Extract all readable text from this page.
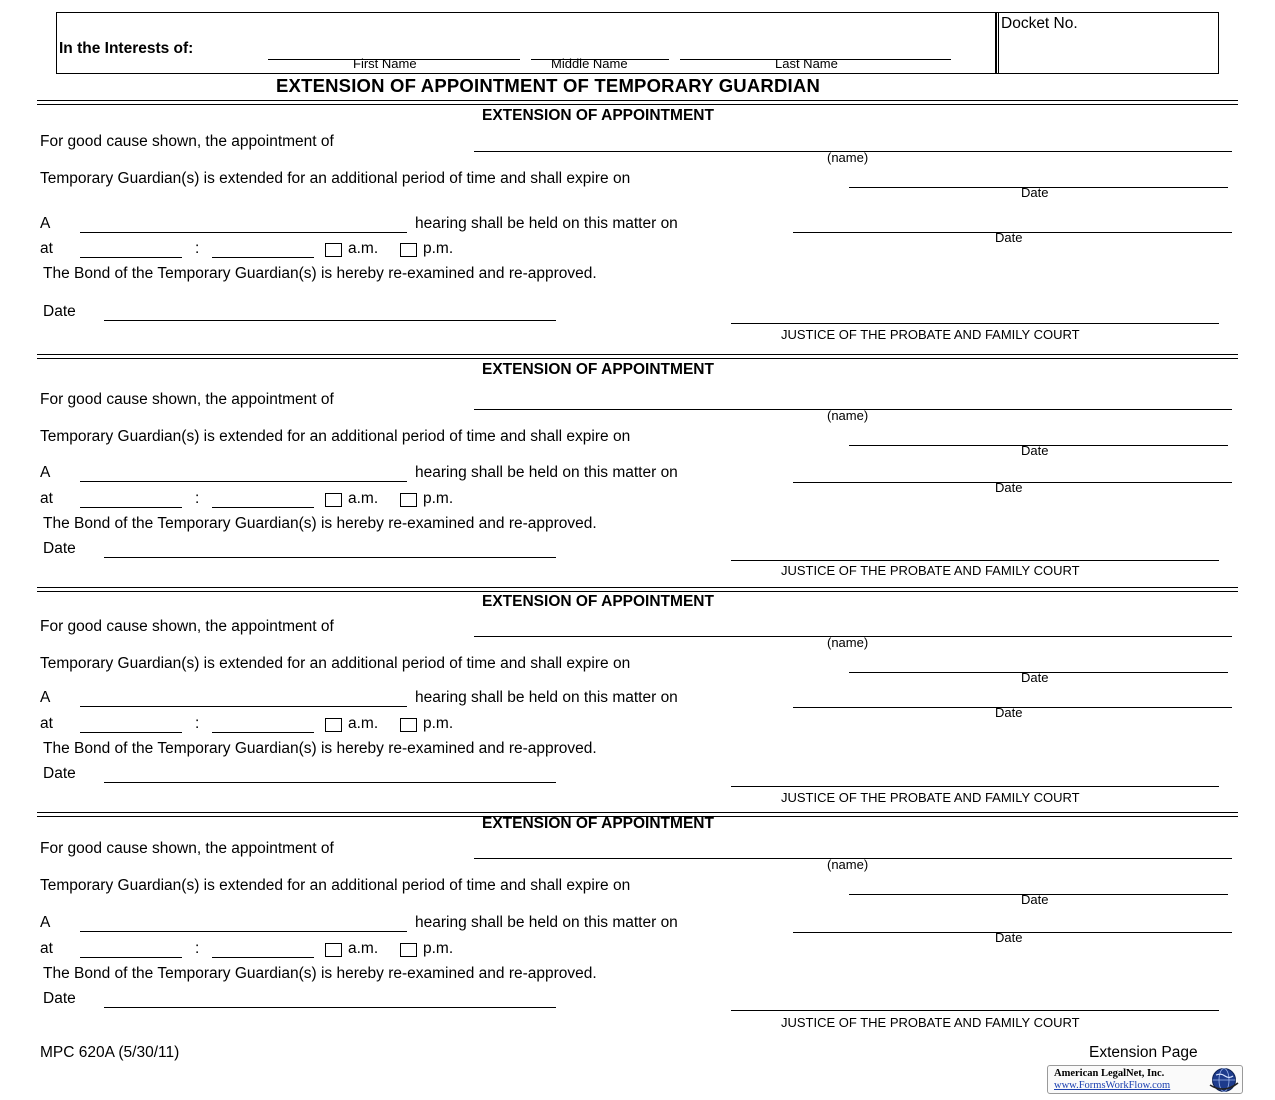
In the Interests of:
First Name	Middle Name	Last Name
Docket No.
EXTENSION OF APPOINTMENT OF TEMPORARY GUARDIAN
EXTENSION OF APPOINTMENT
For good cause shown, the appointment of
(name)
Temporary Guardian(s) is extended for an additional period of time and shall expire on
Date
A	hearing shall be held on this matter on
Date
at	:	a.m.	p.m.
The Bond of the Temporary Guardian(s) is hereby re-examined and re-approved.
Date
JUSTICE OF THE PROBATE AND FAMILY COURT
EXTENSION OF APPOINTMENT
For good cause shown, the appointment of
(name)
Temporary Guardian(s) is extended for an additional period of time and shall expire on
Date
A	hearing shall be held on this matter on
Date
at	:	a.m.	p.m.
The Bond of the Temporary Guardian(s) is hereby re-examined and re-approved.
Date
JUSTICE OF THE PROBATE AND FAMILY COURT
EXTENSION OF APPOINTMENT
For good cause shown, the appointment of
(name)
Temporary Guardian(s) is extended for an additional period of time and shall expire on
Date
A	hearing shall be held on this matter on
Date
at	:	a.m.	p.m.
The Bond of the Temporary Guardian(s) is hereby re-examined and re-approved.
Date
JUSTICE OF THE PROBATE AND FAMILY COURT
EXTENSION OF APPOINTMENT
For good cause shown, the appointment of
(name)
Temporary Guardian(s) is extended for an additional period of time and shall expire on
Date
A	hearing shall be held on this matter on
Date
at	:	a.m.	p.m.
The Bond of the Temporary Guardian(s) is hereby re-examined and re-approved.
Date
JUSTICE OF THE PROBATE AND FAMILY COURT
MPC 620A (5/30/11)	Extension Page
American LegalNet, Inc.
www.FormsWorkFlow.com
